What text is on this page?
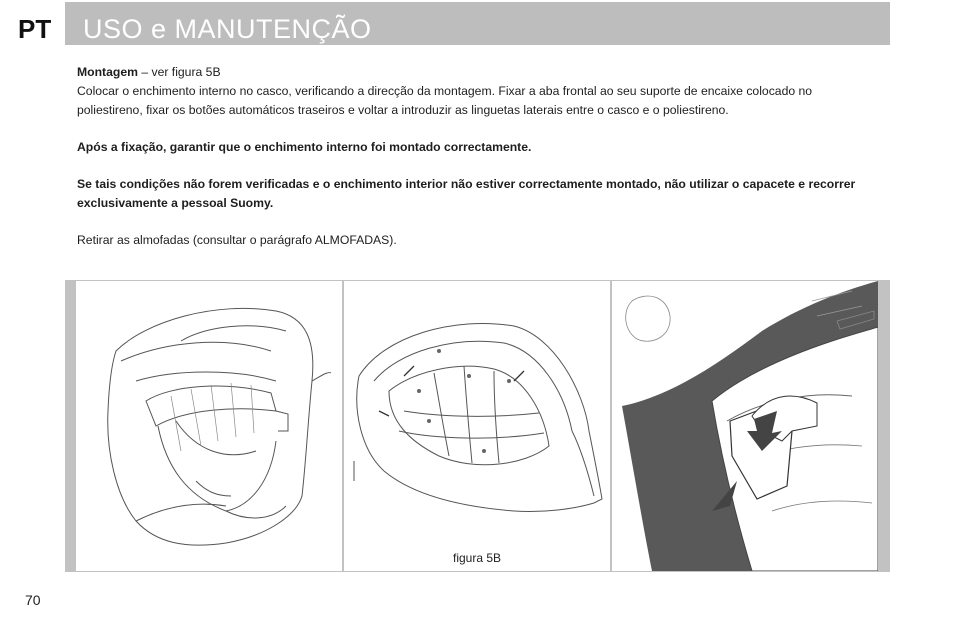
PT USO e MANUTENÇÃO

Montagem – ver figura 5B

Colocar o enchimento interno no casco, verificando a direcção da montagem. Fixar a aba frontal ao seu suporte de encaixe colocado no

poliestireno, fixar os botões automáticos traseiros e voltar a introduzir as linguetas laterais entre o casco e o poliestireno.

Após a fixação, garantir que o enchimento interno foi montado correctamente.

Se tais condições não forem verificadas e o enchimento interior não estiver correctamente montado, não utilizar o capacete e recorrer

exclusivamente a pessoal Suomy.

Retirar as almofadas (consultar o parágrafo ALMOFADAS).

figura 5B
70
